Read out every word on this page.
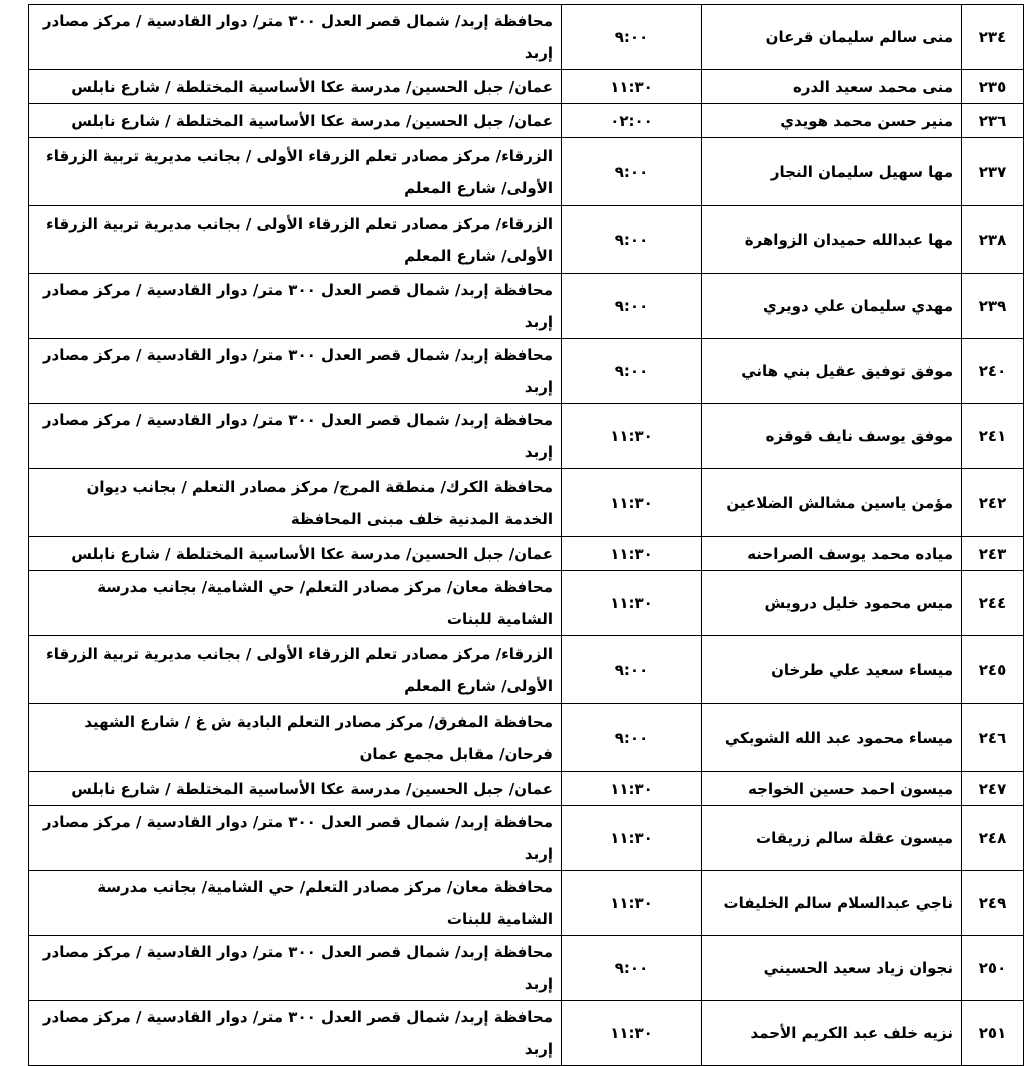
٢٣٤	منى سالم سليمان قرعان	٩:٠٠	محافظة إربد/ شمال قصر العدل ٣٠٠ متر/ دوار القادسية / مركز مصادر إربد
٢٣٥	منى محمد سعيد الدره	١١:٣٠	عمان/ جبل الحسين/ مدرسة عكا الأساسية المختلطة / شارع نابلس
٢٣٦	منير حسن محمد هويدي	٠٢:٠٠	عمان/ جبل الحسين/ مدرسة عكا الأساسية المختلطة / شارع نابلس
٢٣٧	مها سهيل سليمان النجار	٩:٠٠	الزرقاء/ مركز مصادر تعلم الزرقاء الأولى / بجانب مديرية تربية الزرقاء الأولى/ شارع المعلم
٢٣٨	مها عبدالله حميدان الزواهرة	٩:٠٠	الزرقاء/ مركز مصادر تعلم الزرقاء الأولى / بجانب مديرية تربية الزرقاء الأولى/ شارع المعلم
٢٣٩	مهدي سليمان علي دويري	٩:٠٠	محافظة إربد/ شمال قصر العدل ٣٠٠ متر/ دوار القادسية / مركز مصادر إربد
٢٤٠	موفق توفيق عقيل بني هاني	٩:٠٠	محافظة إربد/ شمال قصر العدل ٣٠٠ متر/ دوار القادسية / مركز مصادر إربد
٢٤١	موفق يوسف نايف قوقزه	١١:٣٠	محافظة إربد/ شمال قصر العدل ٣٠٠ متر/ دوار القادسية / مركز مصادر إربد
٢٤٢	مؤمن ياسين مشالش الضلاعين	١١:٣٠	محافظة الكرك/ منطقة المرج/ مركز مصادر التعلم / بجانب ديوان الخدمة المدنية خلف مبنى المحافظة
٢٤٣	مياده محمد يوسف الصراحنه	١١:٣٠	عمان/ جبل الحسين/ مدرسة عكا الأساسية المختلطة / شارع نابلس
٢٤٤	ميس محمود خليل درويش	١١:٣٠	محافظة معان/ مركز مصادر التعلم/ حي الشامية/ بجانب مدرسة الشامية للبنات
٢٤٥	ميساء سعيد علي طرخان	٩:٠٠	الزرقاء/ مركز مصادر تعلم الزرقاء الأولى / بجانب مديرية تربية الزرقاء الأولى/ شارع المعلم
٢٤٦	ميساء محمود عبد الله الشوبكي	٩:٠٠	محافظة المفرق/ مركز مصادر التعلم البادية ش غ / شارع الشهيد فرحان/ مقابل مجمع عمان
٢٤٧	ميسون احمد حسين الخواجه	١١:٣٠	عمان/ جبل الحسين/ مدرسة عكا الأساسية المختلطة / شارع نابلس
٢٤٨	ميسون عقلة سالم زريقات	١١:٣٠	محافظة إربد/ شمال قصر العدل ٣٠٠ متر/ دوار القادسية / مركز مصادر إربد
٢٤٩	ناجي عبدالسلام سالم الخليفات	١١:٣٠	محافظة معان/ مركز مصادر التعلم/ حي الشامية/ بجانب مدرسة الشامية للبنات
٢٥٠	نجوان زياد سعيد الحسيني	٩:٠٠	محافظة إربد/ شمال قصر العدل ٣٠٠ متر/ دوار القادسية / مركز مصادر إربد
٢٥١	نزيه خلف عبد الكريم الأحمد	١١:٣٠	محافظة إربد/ شمال قصر العدل ٣٠٠ متر/ دوار القادسية / مركز مصادر إربد
